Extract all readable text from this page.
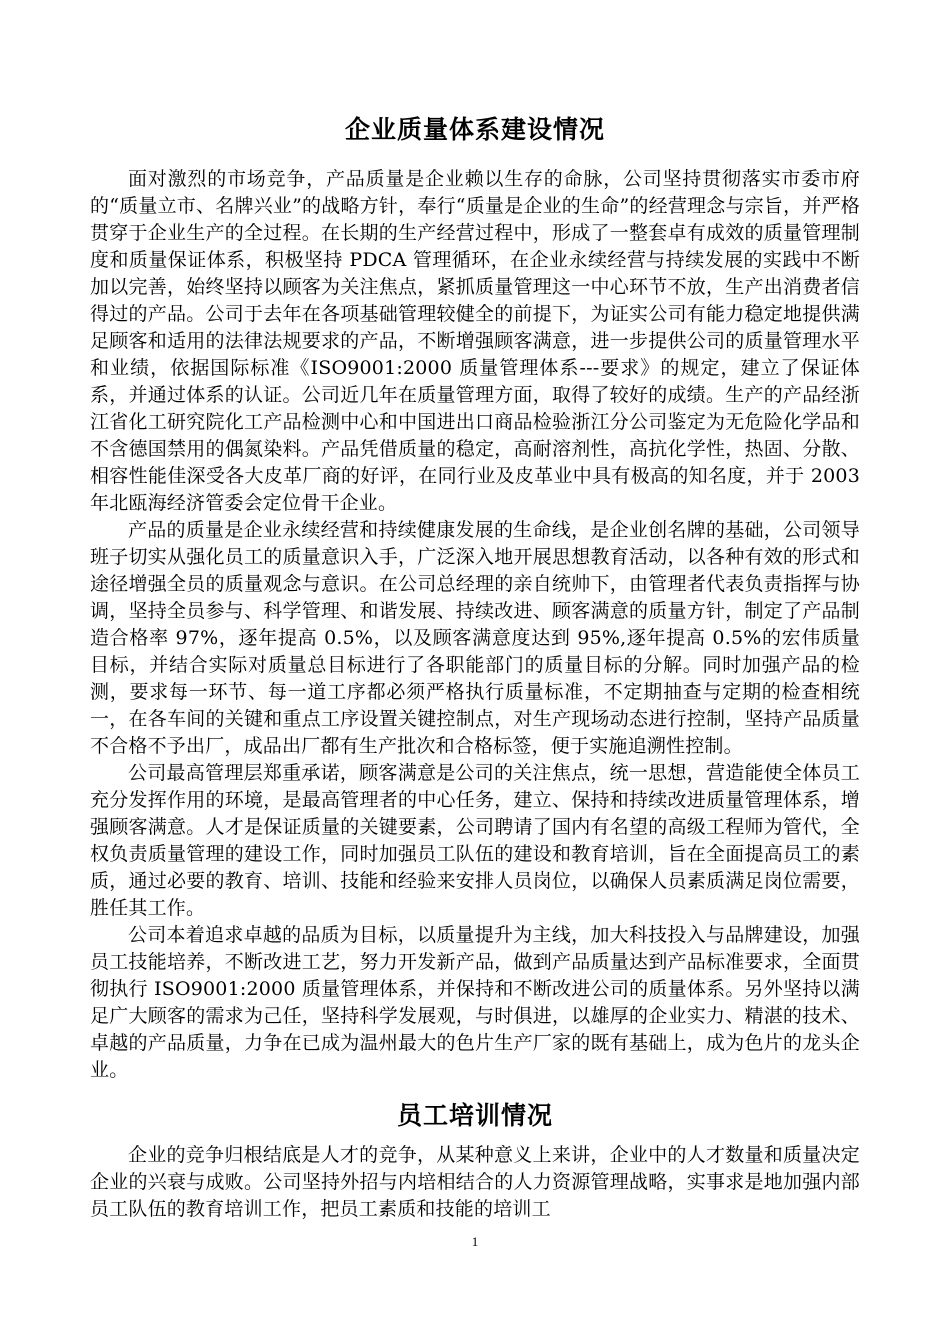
企业质量体系建设情况

面对激烈的市场竞争，产品质量是企业赖以生存的命脉，公司坚持贯彻落实市委市府的“质量立市、名牌兴业”的战略方针，奉行“质量是企业的生命”的经营理念与宗旨，并严格贯穿于企业生产的全过程。在长期的生产经营过程中，形成了一整套卓有成效的质量管理制度和质量保证体系，积极坚持 PDCA 管理循环，在企业永续经营与持续发展的实践中不断加以完善，始终坚持以顾客为关注焦点，紧抓质量管理这一中心环节不放，生产出消费者信得过的产品。公司于去年在各项基础管理较健全的前提下，为证实公司有能力稳定地提供满足顾客和适用的法律法规要求的产品，不断增强顾客满意，进一步提供公司的质量管理水平和业绩，依据国际标准《ISO9001:2000 质量管理体系---要求》的规定，建立了保证体系，并通过体系的认证。公司近几年在质量管理方面，取得了较好的成绩。生产的产品经浙江省化工研究院化工产品检测中心和中国进出口商品检验浙江分公司鉴定为无危险化学品和不含德国禁用的偶氮染料。产品凭借质量的稳定，高耐溶剂性，高抗化学性，热固、分散、相容性能佳深受各大皮革厂商的好评，在同行业及皮革业中具有极高的知名度，并于 2003 年北瓯海经济管委会定位骨干企业。

产品的质量是企业永续经营和持续健康发展的生命线，是企业创名牌的基础，公司领导班子切实从强化员工的质量意识入手，广泛深入地开展思想教育活动，以各种有效的形式和途径增强全员的质量观念与意识。在公司总经理的亲自统帅下，由管理者代表负责指挥与协调，坚持全员参与、科学管理、和谐发展、持续改进、顾客满意的质量方针，制定了产品制造合格率 97%，逐年提高 0.5%，以及顾客满意度达到 95%,逐年提高 0.5%的宏伟质量目标，并结合实际对质量总目标进行了各职能部门的质量目标的分解。同时加强产品的检测，要求每一环节、每一道工序都必须严格执行质量标准，不定期抽查与定期的检查相统一，在各车间的关键和重点工序设置关键控制点，对生产现场动态进行控制，坚持产品质量不合格不予出厂，成品出厂都有生产批次和合格标签，便于实施追溯性控制。

公司最高管理层郑重承诺，顾客满意是公司的关注焦点，统一思想，营造能使全体员工充分发挥作用的环境，是最高管理者的中心任务，建立、保持和持续改进质量管理体系，增强顾客满意。人才是保证质量的关键要素，公司聘请了国内有名望的高级工程师为管代，全权负责质量管理的建设工作，同时加强员工队伍的建设和教育培训，旨在全面提高员工的素质，通过必要的教育、培训、技能和经验来安排人员岗位，以确保人员素质满足岗位需要，胜任其工作。

公司本着追求卓越的品质为目标，以质量提升为主线，加大科技投入与品牌建设，加强员工技能培养，不断改进工艺，努力开发新产品，做到产品质量达到产品标准要求，全面贯彻执行 ISO9001:2000 质量管理体系，并保持和不断改进公司的质量体系。另外坚持以满足广大顾客的需求为己任，坚持科学发展观，与时俱进，以雄厚的企业实力、精湛的技术、卓越的产品质量，力争在已成为温州最大的色片生产厂家的既有基础上，成为色片的龙头企业。

员工培训情况

企业的竞争归根结底是人才的竞争，从某种意义上来讲，企业中的人才数量和质量决定企业的兴衰与成败。公司坚持外招与内培相结合的人力资源管理战略，实事求是地加强内部员工队伍的教育培训工作，把员工素质和技能的培训工

1
